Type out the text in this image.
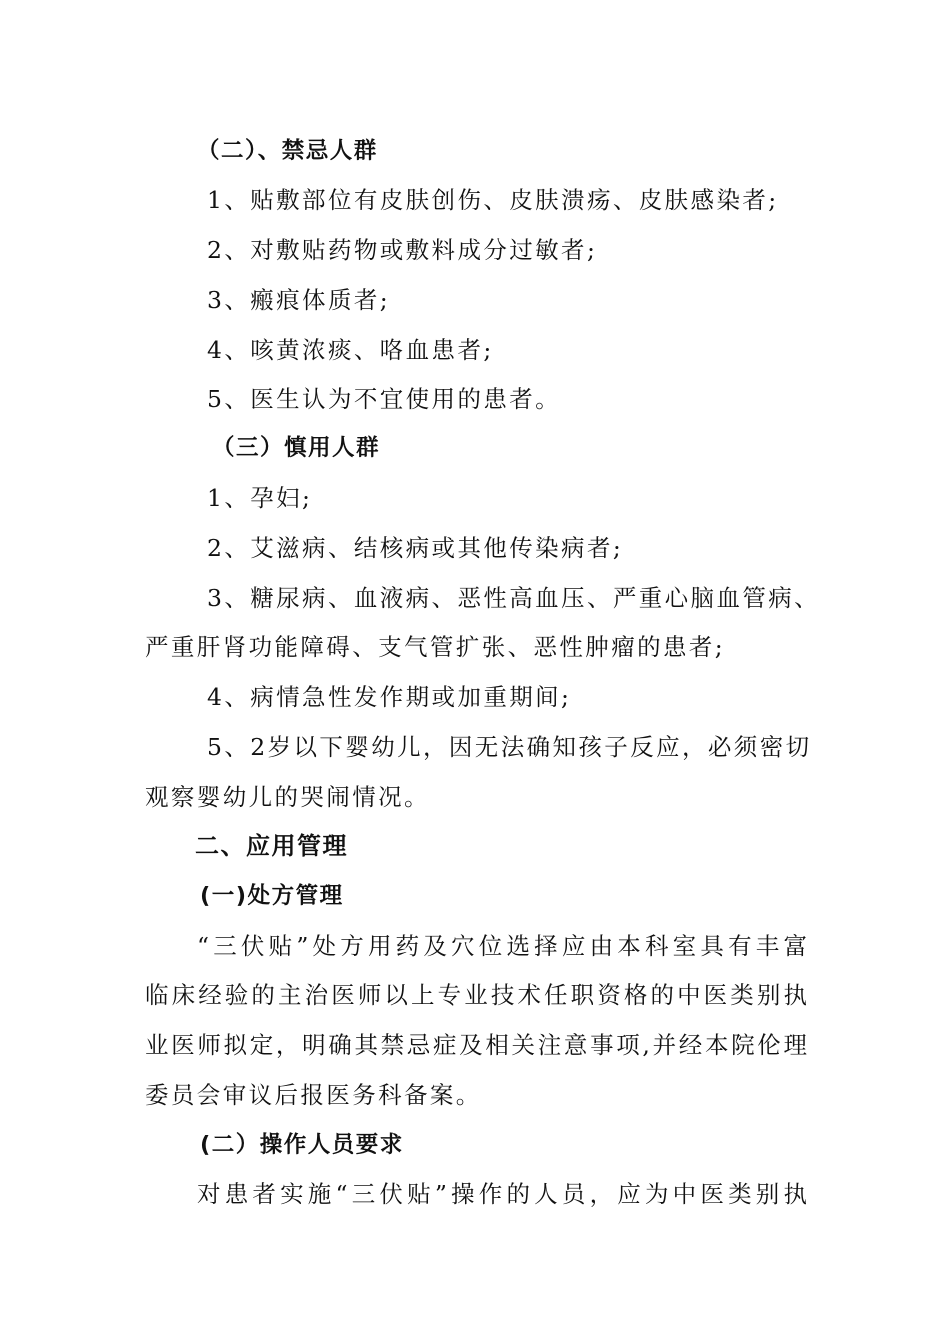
（二）、禁忌人群
1、贴敷部位有皮肤创伤、皮肤溃疡、皮肤感染者;
2、对敷贴药物或敷料成分过敏者;
3、瘢痕体质者;
4、咳黄浓痰、咯血患者;
5、医生认为不宜使用的患者。
（三）慎用人群
1、孕妇;
2、艾滋病、结核病或其他传染病者;
3、糖尿病、血液病、恶性高血压、严重心脑血管病、
严重肝肾功能障碍、支气管扩张、恶性肿瘤的患者;
4、病情急性发作期或加重期间;
5、2岁以下婴幼儿，因无法确知孩子反应，必须密切
观察婴幼儿的哭闹情况。
二、应用管理
(一)处方管理
“三伏贴”处方用药及穴位选择应由本科室具有丰富
临床经验的主治医师以上专业技术任职资格的中医类别执
业医师拟定，明确其禁忌症及相关注意事项,并经本院伦理
委员会审议后报医务科备案。
(二）操作人员要求
对患者实施“三伏贴”操作的人员，应为中医类别执
